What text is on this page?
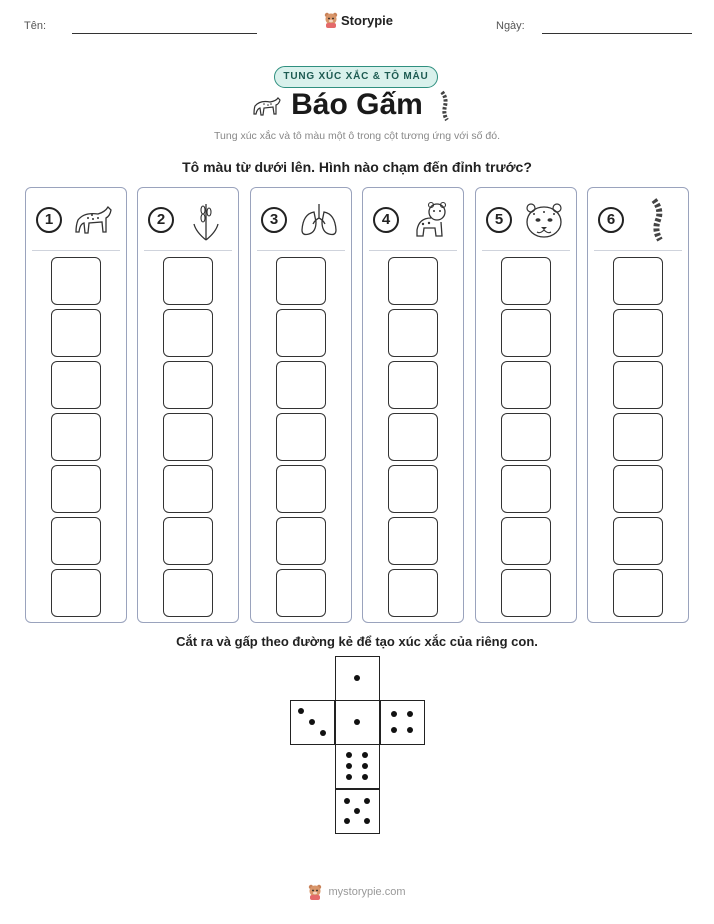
Tên:	Storypie	Ngày:
TUNG XÚC XẮC & TÔ MÀU
Báo Gấm
Tung xúc xắc và tô màu một ô trong cột tương ứng với số đó.
Tô màu từ dưới lên. Hình nào chạm đến đỉnh trước?
1	2	3	4	5	6
Cắt ra và gấp theo đường kẻ để tạo xúc xắc của riêng con.
mystorypie.com
